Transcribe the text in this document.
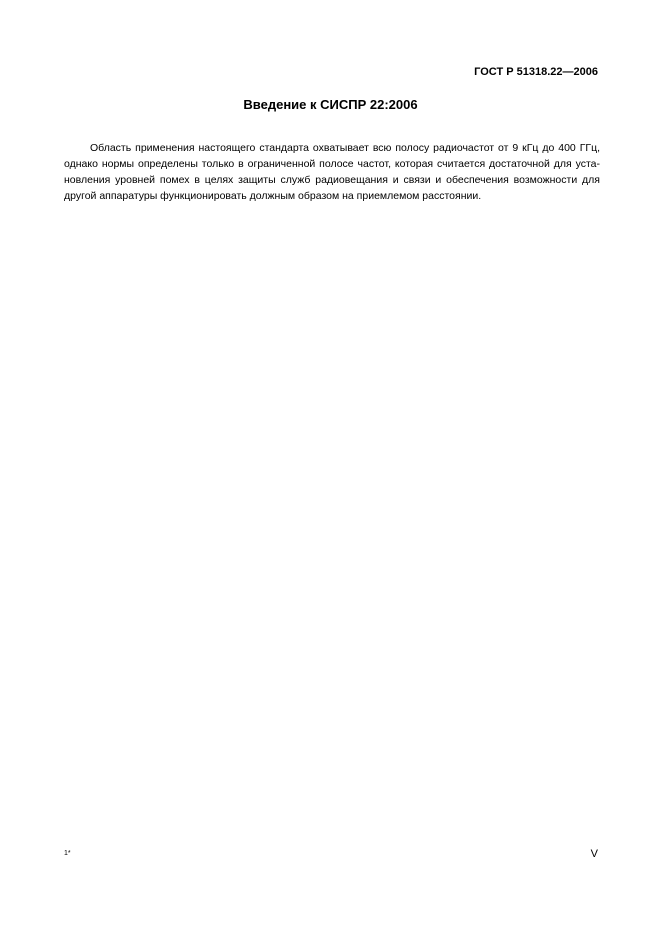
ГОСТ Р 51318.22—2006
Введение к СИСПР 22:2006
Область применения настоящего стандарта охватывает всю полосу радиочастот от 9 кГц до 400 ГГц,
однако нормы определены только в ограниченной полосе частот, которая считается достаточной для уста-
новления уровней помех в целях защиты служб радиовещания и связи и обеспечения возможности для
другой аппаратуры функционировать должным образом на приемлемом расстоянии.
1*	V
